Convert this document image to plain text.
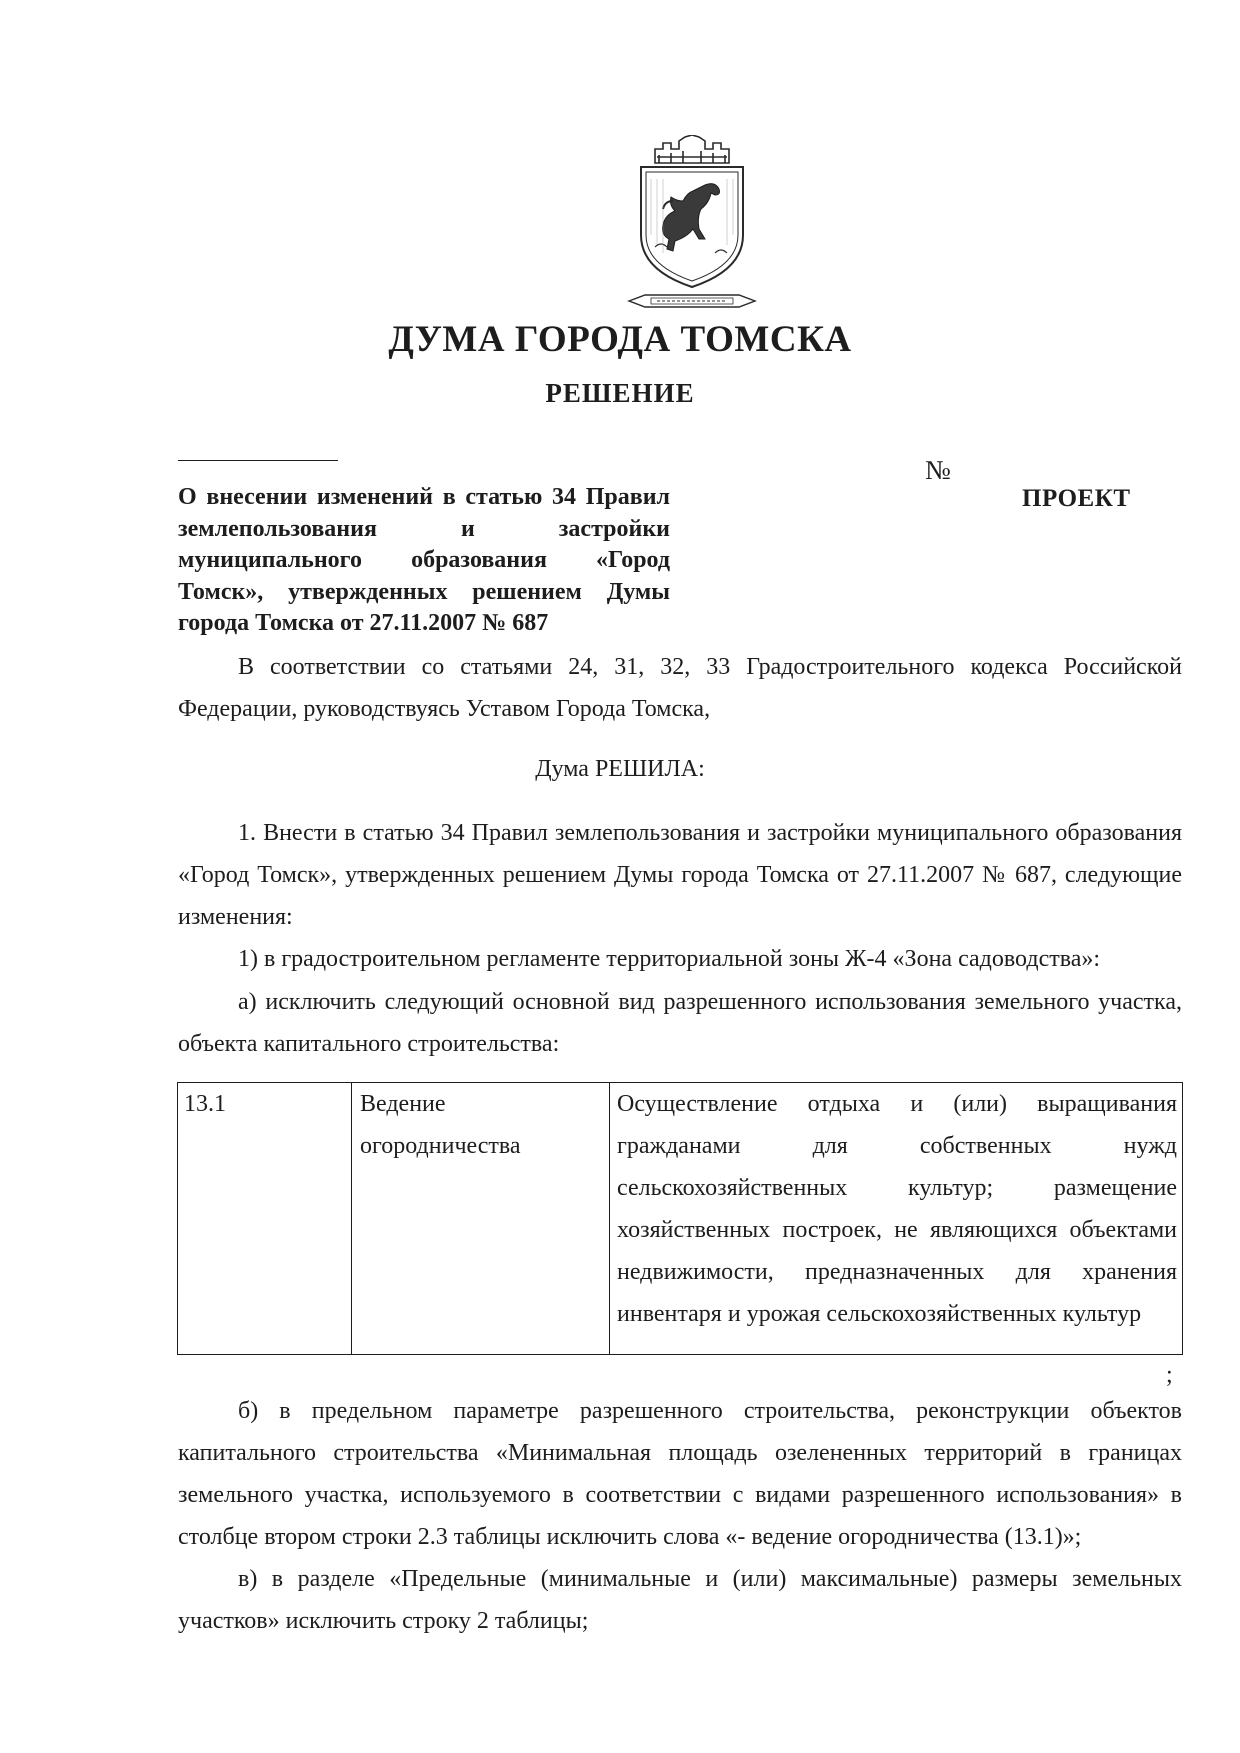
ДУМА ГОРОДА ТОМСКА
РЕШЕНИЕ
№
ПРОЕКТ
О внесении изменений в статью 34 Правил землепользования и застройки муниципального образования «Город Томск», утвержденных решением Думы города Томска от 27.11.2007 № 687
В соответствии со статьями 24, 31, 32, 33 Градостроительного кодекса Российской Федерации, руководствуясь Уставом Города Томска,
Дума РЕШИЛА:
1. Внести в статью 34 Правил землепользования и застройки муниципального образования «Город Томск», утвержденных решением Думы города Томска от 27.11.2007 № 687, следующие изменения:
1) в градостроительном регламенте территориальной зоны Ж-4 «Зона садоводства»:
а) исключить следующий основной вид разрешенного использования земельного участка, объекта капитального строительства:
13.1	Ведение огородничества	Осуществление отдыха и (или) выращивания гражданами для собственных нужд сельскохозяйственных культур; размещение хозяйственных построек, не являющихся объектами недвижимости, предназначенных для хранения инвентаря и урожая сельскохозяйственных культур
;
б) в предельном параметре разрешенного строительства, реконструкции объектов капитального строительства «Минимальная площадь озелененных территорий в границах земельного участка, используемого в соответствии с видами разрешенного использования» в столбце втором строки 2.3 таблицы исключить слова «- ведение огородничества (13.1)»;
в) в разделе «Предельные (минимальные и (или) максимальные) размеры земельных участков» исключить строку 2 таблицы;
